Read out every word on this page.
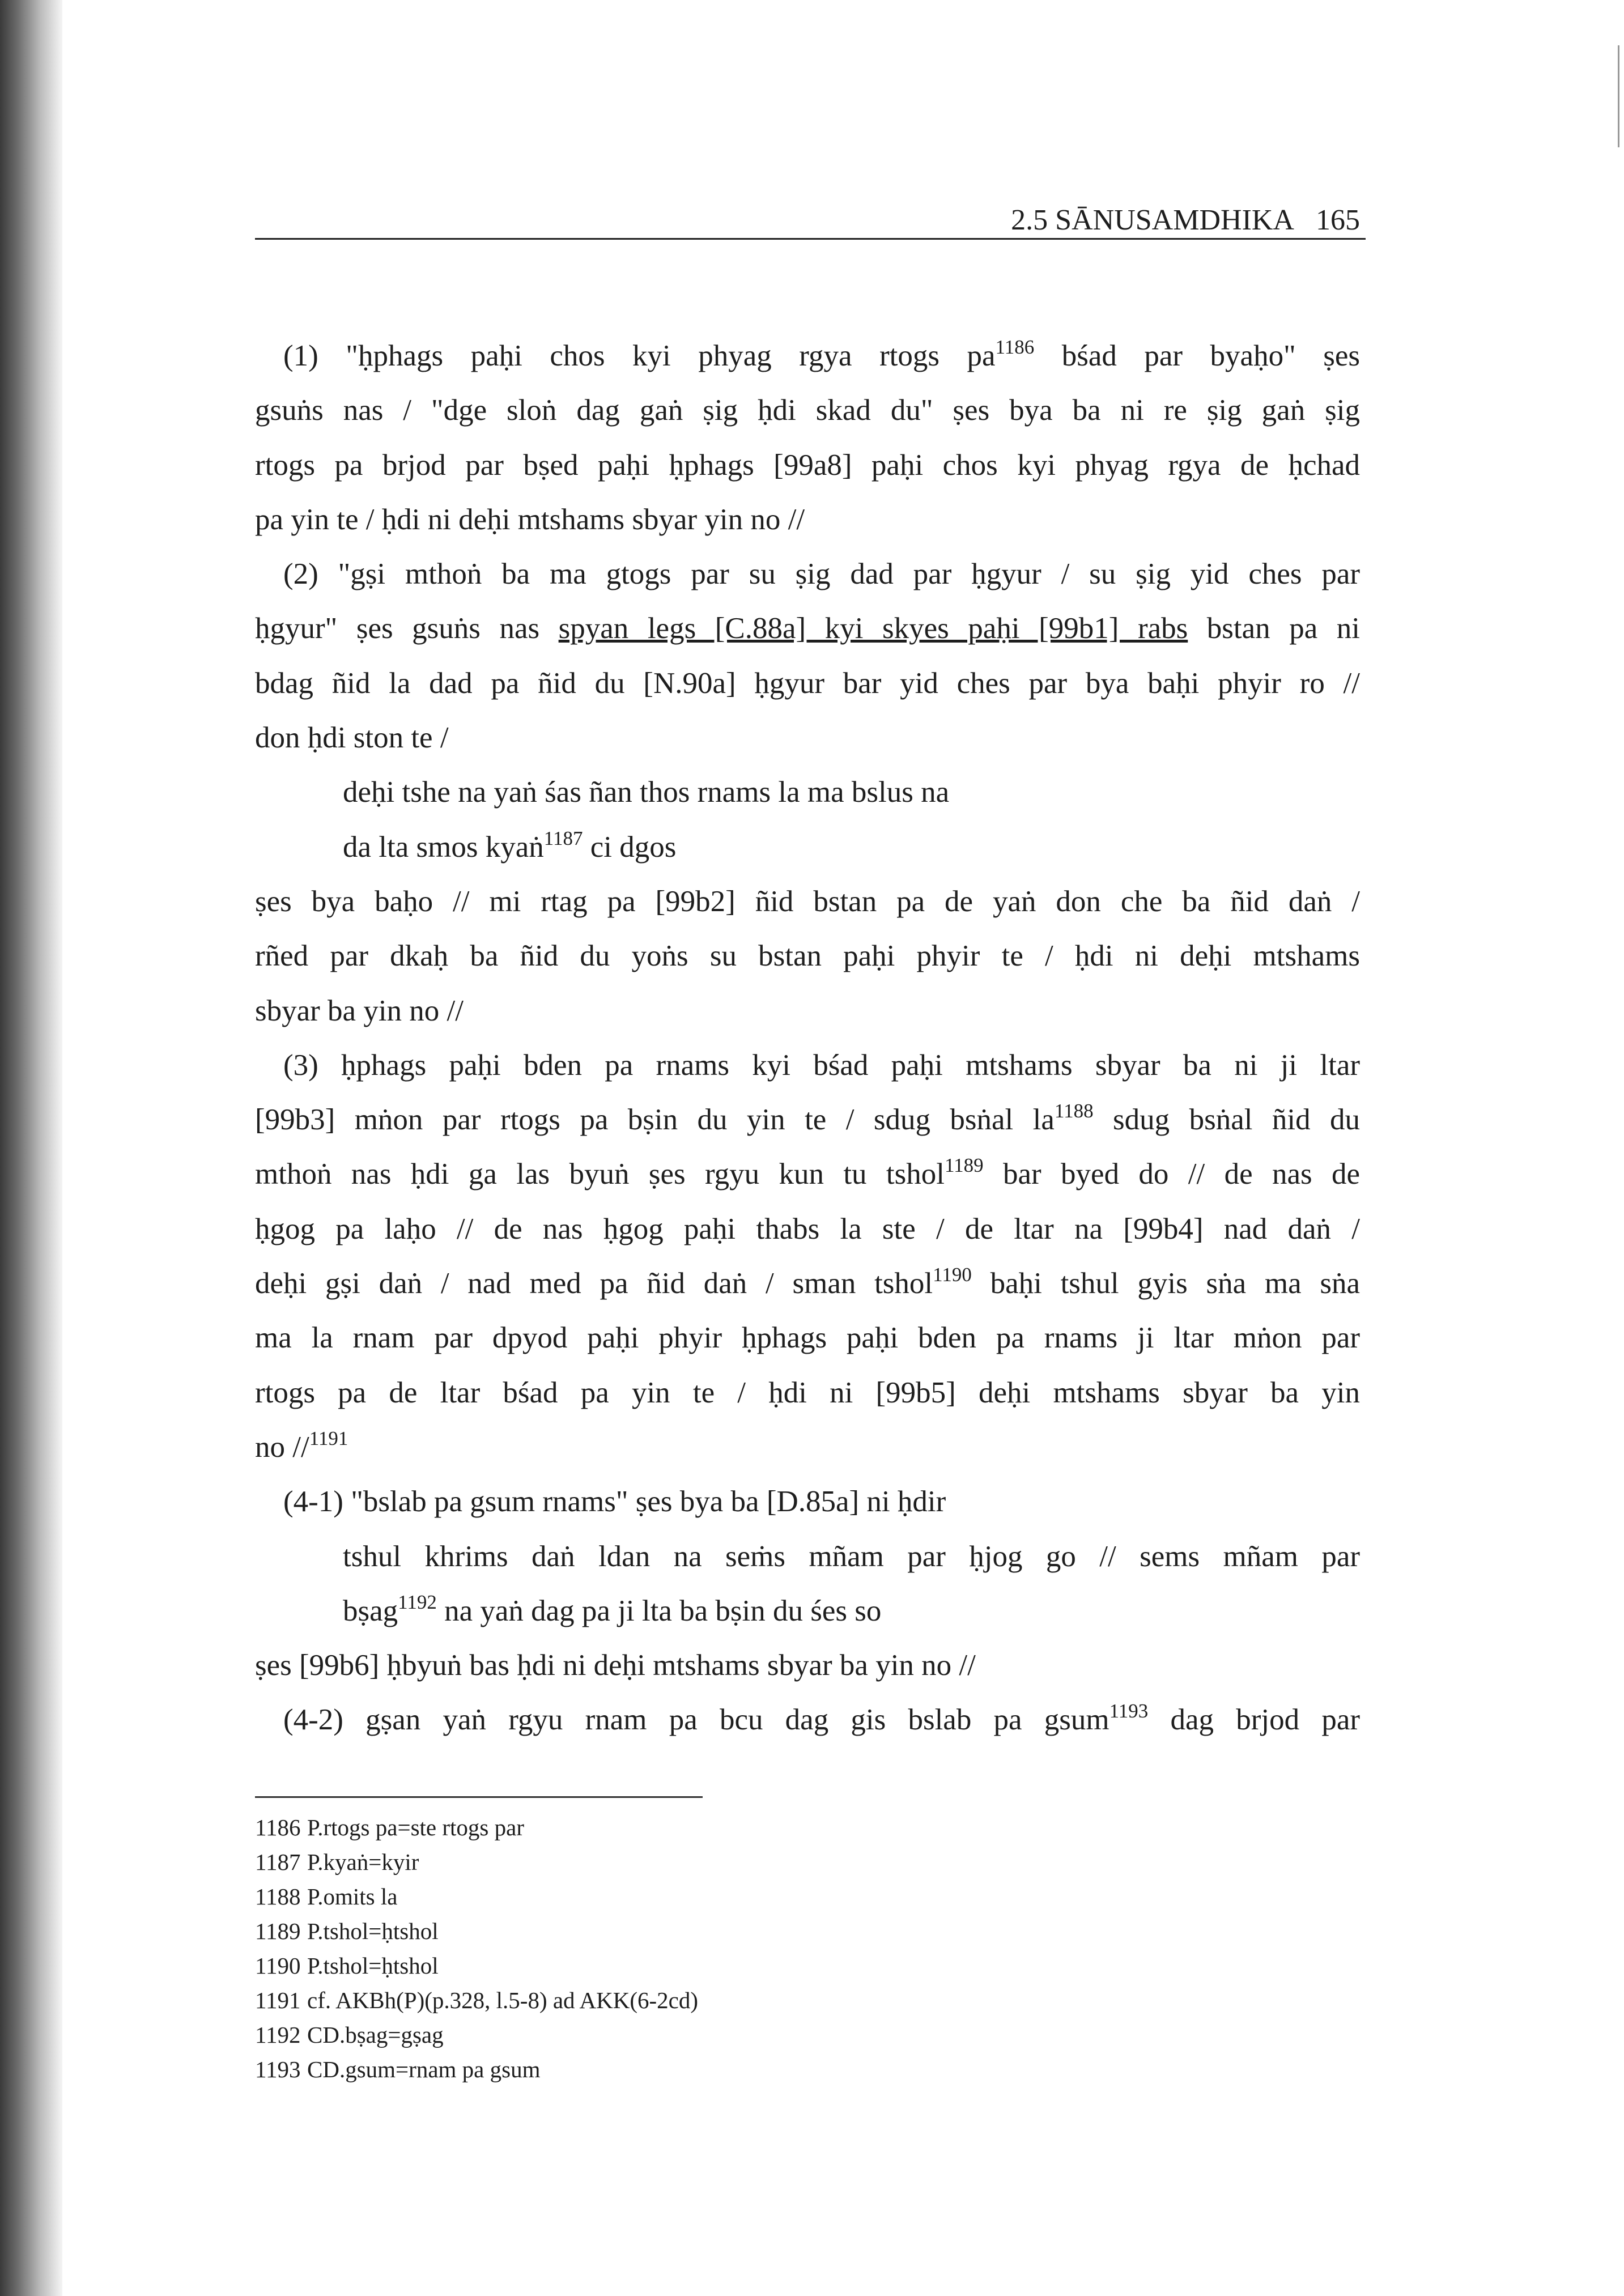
2.5 SĀNUSAMDHIKA 165
(1) "ḥphags paḥi chos kyi phyag rgya rtogs $pa^{1186}$ bśad par byaḥo" ṣes
gsuṅs nas / "dge sloṅ dag gaṅ ṣig ḥdi skad du" ṣes bya ba ni re ṣig gaṅ ṣig
rtogs pa brjod par bṣed paḥi ḥphags [99a8] paḥi chos kyi phyag rgya de ḥchad
pa yin te / ḥdi ni deḥi mtshams sbyar yin no //
(2) "gṣi mthoṅ ba ma gtogs par su ṣig dad par ḥgyur / su ṣig yid ches par
ḥgyur" ṣes gsuṅs nas spyan legs [C.88a] kyi skyes paḥi [99b1] rabs bstan pa ni
bdag ñid la dad pa ñid du [N.90a] ḥgyur bar yid ches par bya baḥi phyir ro //
don ḥdi ston te /
deḥi tshe na yaṅ śas ñan thos rnams la ma bslus na
da lta smos kyaṅ$^{1187}$ ci dgos
ṣes bya baḥo // mi rtag pa [99b2] ñid bstan pa de yaṅ don che ba ñid daṅ /
rñed par dkaḥ ba ñid du yoṅs su bstan paḥi phyir te / ḥdi ni deḥi mtshams
sbyar ba yin no //
(3) ḥphags paḥi bden pa rnams kyi bśad paḥi mtshams sbyar ba ni ji ltar
[99b3] mṅon par rtogs pa bṣin du yin te / sdug bsṅal $la^{1188}$ sdug bsṅal ñid du
mthoṅ nas ḥdi ga las byuṅ ṣes rgyu kun tu tshol$^{1189}$ bar byed do // de nas de
ḥgog pa laḥo // de nas ḥgog paḥi thabs la ste / de ltar na [99b4] nad daṅ /
deḥi gṣi daṅ / nad med pa ñid daṅ / sman tshol$^{1190}$ baḥi tshul gyis sṅa ma sṅa
ma la rnam par dpyod paḥi phyir ḥphags paḥi bden pa rnams ji ltar mṅon par
rtogs pa de ltar bśad pa yin te / ḥdi ni [99b5] deḥi mtshams sbyar ba yin
no //$^{1191}$
(4-1) "bslab pa gsum rnams" ṣes bya ba [D.85a] ni ḥdir
tshul khrims daṅ ldan na seṁs mñam par ḥjog go // sems mñam par
bṣag$^{1192}$ na yaṅ dag pa ji lta ba bṣin du śes so
ṣes [99b6] ḥbyuṅ bas ḥdi ni deḥi mtshams sbyar ba yin no //
(4-2) gṣan yaṅ rgyu rnam pa bcu dag gis bslab pa gsum$^{1193}$ dag brjod par
1186 P.rtogs pa=ste rtogs par
1187 P.kyaṅ=kyir
1188 P.omits la
1189 P.tshol=ḥtshol
1190 P.tshol=ḥtshol
1191 cf. AKBh(P)(p.328, l.5-8) ad AKK(6-2cd)
1192 CD.bṣag=gṣag
1193 CD.gsum=rnam pa gsum
